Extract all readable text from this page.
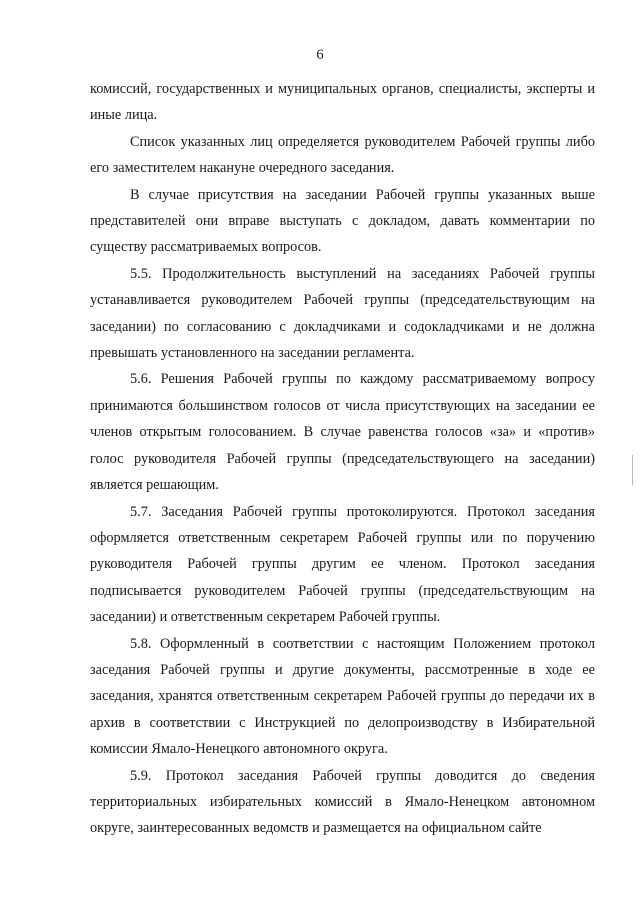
6

комиссий, государственных и муниципальных органов, специалисты, эксперты и иные лица.

Список указанных лиц определяется руководителем Рабочей группы либо его заместителем накануне очередного заседания.

В случае присутствия на заседании Рабочей группы указанных выше представителей они вправе выступать с докладом, давать комментарии по существу рассматриваемых вопросов.

5.5. Продолжительность выступлений на заседаниях Рабочей группы устанавливается руководителем Рабочей группы (председательствующим на заседании) по согласованию с докладчиками и содокладчиками и не должна превышать установленного на заседании регламента.

5.6. Решения Рабочей группы по каждому рассматриваемому вопросу принимаются большинством голосов от числа присутствующих на заседании ее членов открытым голосованием. В случае равенства голосов «за» и «против» голос руководителя Рабочей группы (председательствующего на заседании) является решающим.

5.7. Заседания Рабочей группы протоколируются. Протокол заседания оформляется ответственным секретарем Рабочей группы или по поручению руководителя Рабочей группы другим ее членом. Протокол заседания подписывается руководителем Рабочей группы (председательствующим на заседании) и ответственным секретарем Рабочей группы.

5.8. Оформленный в соответствии с настоящим Положением протокол заседания Рабочей группы и другие документы, рассмотренные в ходе ее заседания, хранятся ответственным секретарем Рабочей группы до передачи их в архив в соответствии с Инструкцией по делопроизводству в Избирательной комиссии Ямало-Ненецкого автономного округа.

5.9. Протокол заседания Рабочей группы доводится до сведения территориальных избирательных комиссий в Ямало-Ненецком автономном округе, заинтересованных ведомств и размещается на официальном сайте
